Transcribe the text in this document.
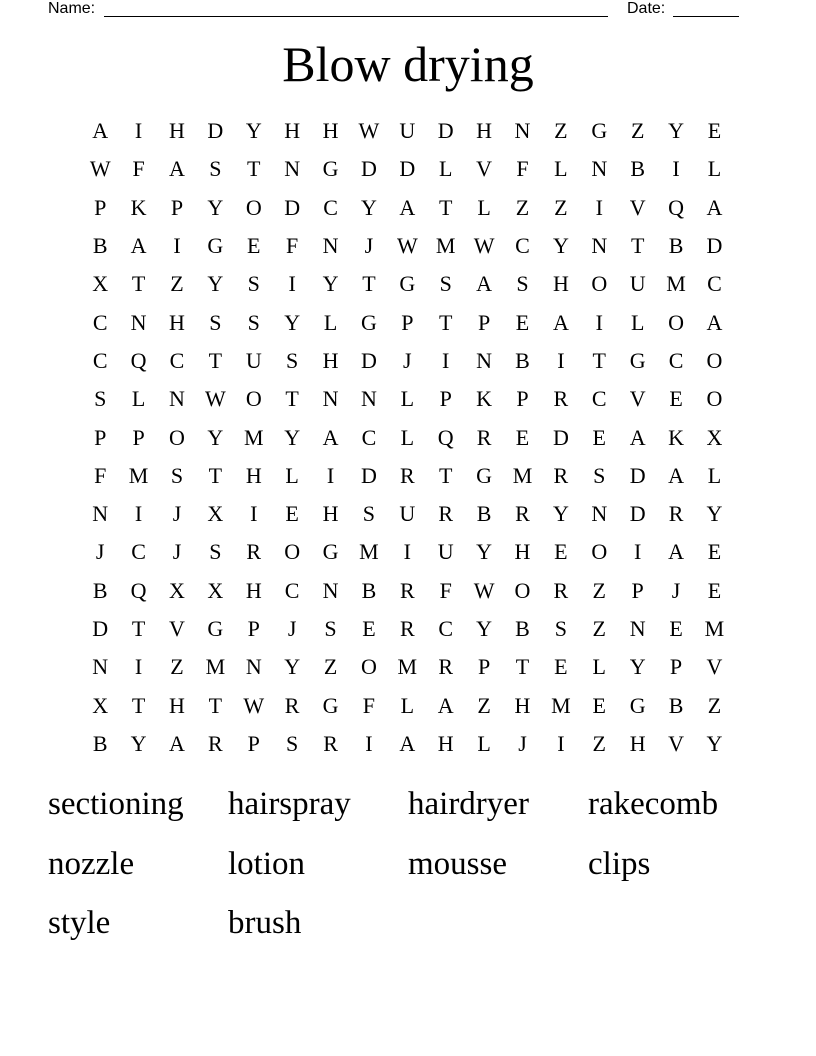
Name:	Date:
Blow drying
A	I	H	D	Y	H	H W U	D	H	N	Z	G	Z	Y	E
W F	A	S	T	N	G	D	D	L	V	F	L	N	B	I	L
P	K	P	Y	O	D	C	Y	A	T	L	Z	Z	I	V	Q	A
B	A	I	G	E	F	N	J	W M W C	Y	N	T	B	D
X	T	Z	Y	S	I	Y	T	G	S	A	S	H	O	U M C
C	N	H	S	S	Y	L	G	P	T	P	E	A	I	L	O	A
C	Q	C	T	U	S	H	D	J	I	N	B	I	T	G	C	O
S	L	N W O	T	N	N	L	P	K	P	R	C	V	E	O
P	P	O	Y M Y	A	C	L	Q	R	E	D	E	A	K	X
F	M	S	T	H	L	I	D	R	T	G M R	S	D	A	L
N	I	J	X	I	E	H	S	U	R	B	R	Y	N	D	R	Y
J	C	J	S	R	O	G M	I	U	Y	H	E	O	I	A	E
B	Q	X	X	H	C	N	B	R	F W O	R	Z	P	J	E
D	T	V	G	P	J	S	E	R	C	Y	B	S	Z	N	E M
N	I	Z M N	Y	Z	O M R	P	T	E	L	Y	P	V
X	T	H	T W R	G	F	L	A	Z	H M E	G	B	Z
B	Y	A	R	P	S	R	I	A	H	L	J	I	Z	H	V	Y
sectioning	hairspray	hairdryer	rakecomb
nozzle	lotion	mousse	clips
style	brush
